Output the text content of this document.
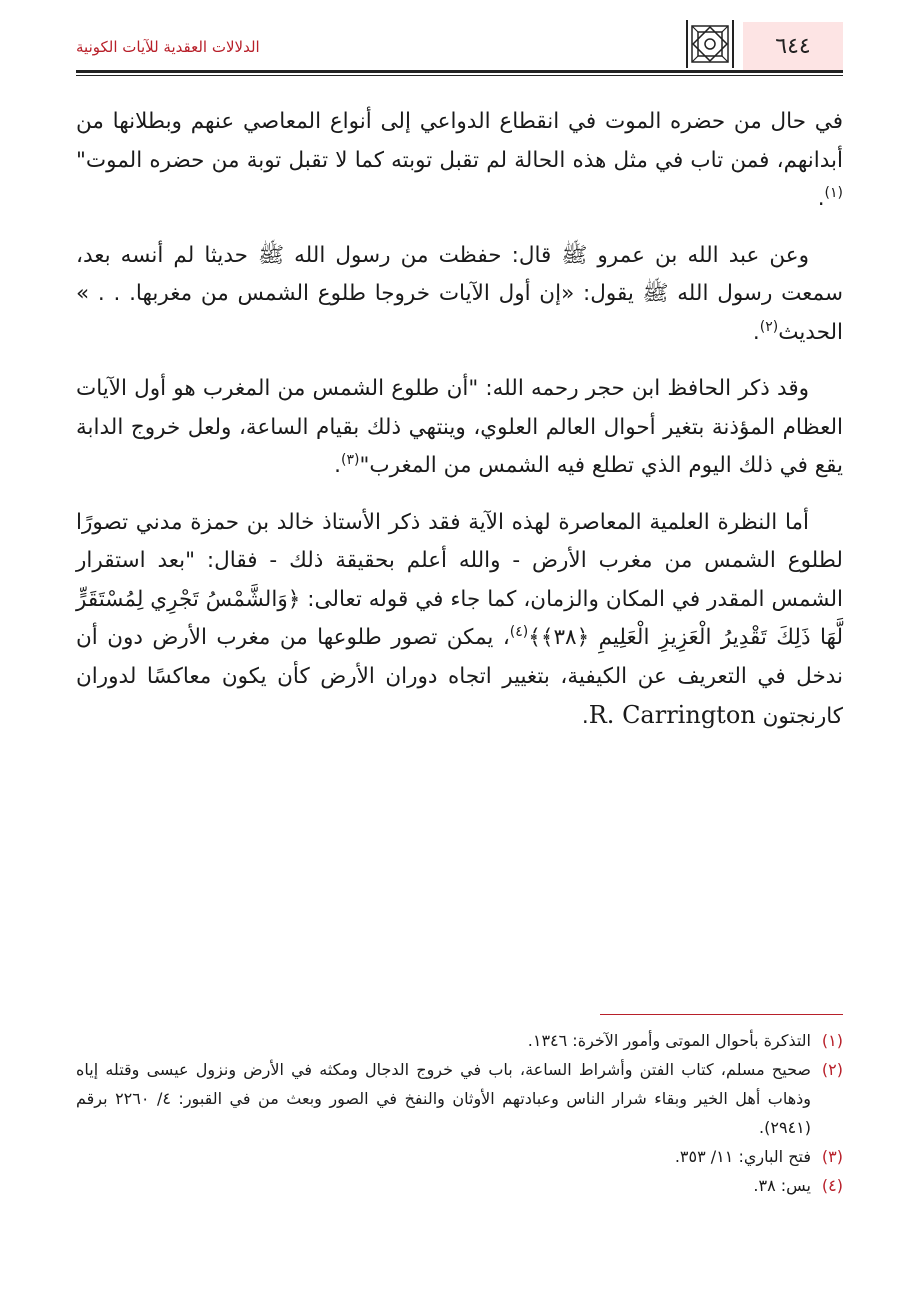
٦٤٤
الدلالات العقدية للآيات الكونية

في حال من حضره الموت في انقطاع الدواعي إلى أنواع المعاصي عنهم وبطلانها من أبدانهم، فمن تاب في مثل هذه الحالة لم تقبل توبته كما لا تقبل توبة من حضره الموت"$^{(١)}$.

وعن عبد الله بن عمرو ﷺ قال: حفظت من رسول الله ﷺ حديثا لم أنسه بعد، سمعت رسول الله ﷺ يقول: «إن أول الآيات خروجا طلوع الشمس من مغربها. . . » الحديث$^{(٢)}$.

وقد ذكر الحافظ ابن حجر رحمه الله: "أن طلوع الشمس من المغرب هو أول الآيات العظام المؤذنة بتغير أحوال العالم العلوي، وينتهي ذلك بقيام الساعة، ولعل خروج الدابة يقع في ذلك اليوم الذي تطلع فيه الشمس من المغرب"$^{(٣)}$.

أما النظرة العلمية المعاصرة لهذه الآية فقد ذكر الأستاذ خالد بن حمزة مدني تصورًا لطلوع الشمس من مغرب الأرض - والله أعلم بحقيقة ذلك - فقال: "بعد استقرار الشمس المقدر في المكان والزمان، كما جاء في قوله تعالى: ﴿وَالشَّمْسُ تَجْرِي لِمُسْتَقَرٍّ لَّهَا ذَلِكَ تَقْدِيرُ الْعَزِيزِ الْعَلِيمِ ﴿٣٨﴾﴾$^{(٤)}$، يمكن تصور طلوعها من مغرب الأرض دون أن ندخل في التعريف عن الكيفية، بتغيير اتجاه دوران الأرض كأن يكون معاكسًا لدوران كارنجتون R. Carrington.

(١)
التذكرة بأحوال الموتى وأمور الآخرة: ١٣٤٦.
(٢)
صحيح مسلم، كتاب الفتن وأشراط الساعة، باب في خروج الدجال ومكثه في الأرض ونزول عيسى وقتله إياه وذهاب أهل الخير وبقاء شرار الناس وعبادتهم الأوثان والنفخ في الصور وبعث من في القبور: ٤/ ٢٢٦٠ برقم (٢٩٤١).
(٣)
فتح الباري: ١١/ ٣٥٣.
(٤)
يس: ٣٨.
